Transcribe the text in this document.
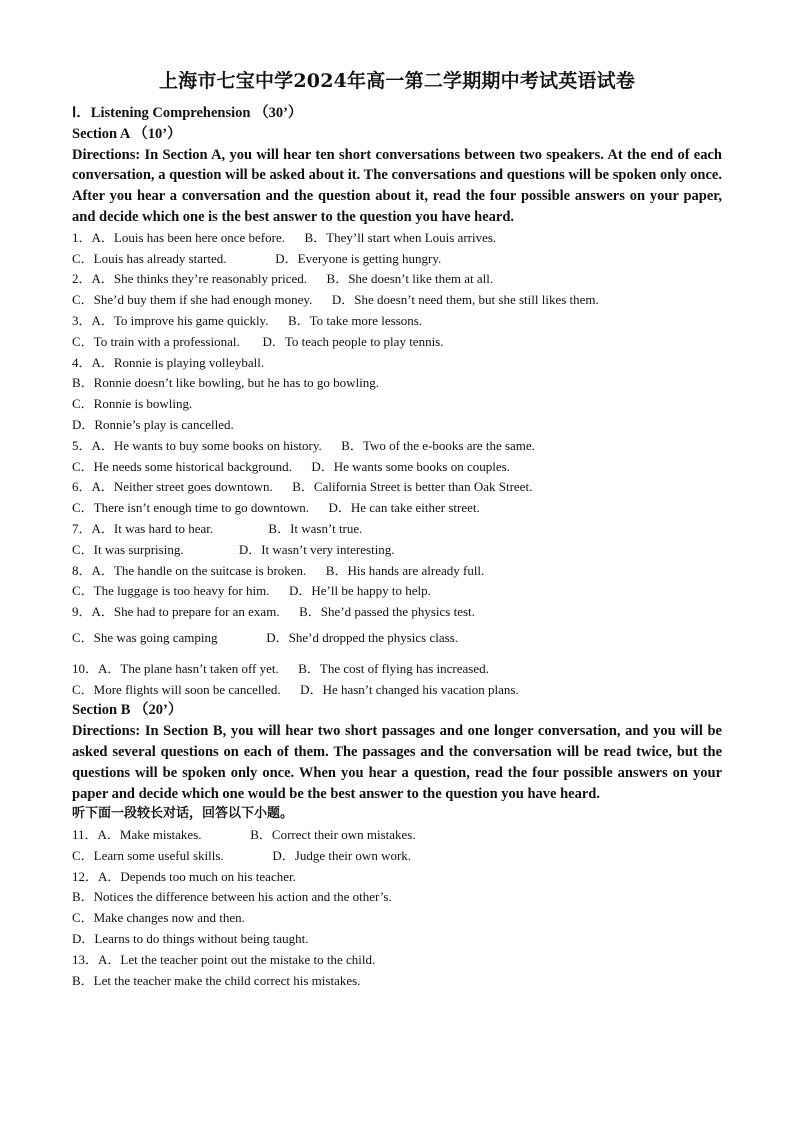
上海市七宝中学2024年高一第二学期期中考试英语试卷

Ⅰ．Listening Comprehension （30’）

Section A （10’）

Directions: In Section A, you will hear ten short conversations between two speakers. At the end of each conversation, a question will be asked about it. The conversations and questions will be spoken only once. After you hear a conversation and the question about it, read the four possible answers on your paper, and decide which one is the best answer to the question you have heard.

1．A．Louis has been here once before.      B．They’ll start when Louis arrives.

C．Louis has already started.               D．Everyone is getting hungry.

2．A．She thinks they’re reasonably priced.      B．She doesn’t like them at all.

C．She’d buy them if she had enough money.      D．She doesn’t need them, but she still likes them.

3．A．To improve his game quickly.      B．To take more lessons.

C．To train with a professional.       D．To teach people to play tennis.

4．A．Ronnie is playing volleyball.

B．Ronnie doesn’t like bowling, but he has to go bowling.

C．Ronnie is bowling.

D．Ronnie’s play is cancelled.

5．A．He wants to buy some books on history.      B．Two of the e-books are the same.

C．He needs some historical background.      D．He wants some books on couples.

6．A．Neither street goes downtown.      B．California Street is better than Oak Street.

C．There isn’t enough time to go downtown.      D．He can take either street.

7．A．It was hard to hear.                 B．It wasn’t true.

C．It was surprising.                 D．It wasn’t very interesting.

8．A．The handle on the suitcase is broken.      B．His hands are already full.

C．The luggage is too heavy for him.      D．He’ll be happy to help.

9．A．She had to prepare for an exam.      B．She’d passed the physics test.

C．She was going camping               D．She’d dropped the physics class.

10．A．The plane hasn’t taken off yet.      B．The cost of flying has increased.

C．More flights will soon be cancelled.      D．He hasn’t changed his vacation plans.

Section B （20’）

Directions: In Section B, you will hear two short passages and one longer conversation, and you will be asked several questions on each of them. The passages and the conversation will be read twice, but the questions will be spoken only once. When you hear a question, read the four possible answers on your paper and decide which one would be the best answer to the question you have heard.

听下面一段较长对话，回答以下小题。

11．A．Make mistakes.               B．Correct their own mistakes.

C．Learn some useful skills.               D．Judge their own work.

12．A．Depends too much on his teacher.

B．Notices the difference between his action and the other’s.

C．Make changes now and then.

D．Learns to do things without being taught.

13．A．Let the teacher point out the mistake to the child.

B．Let the teacher make the child correct his mistakes.
